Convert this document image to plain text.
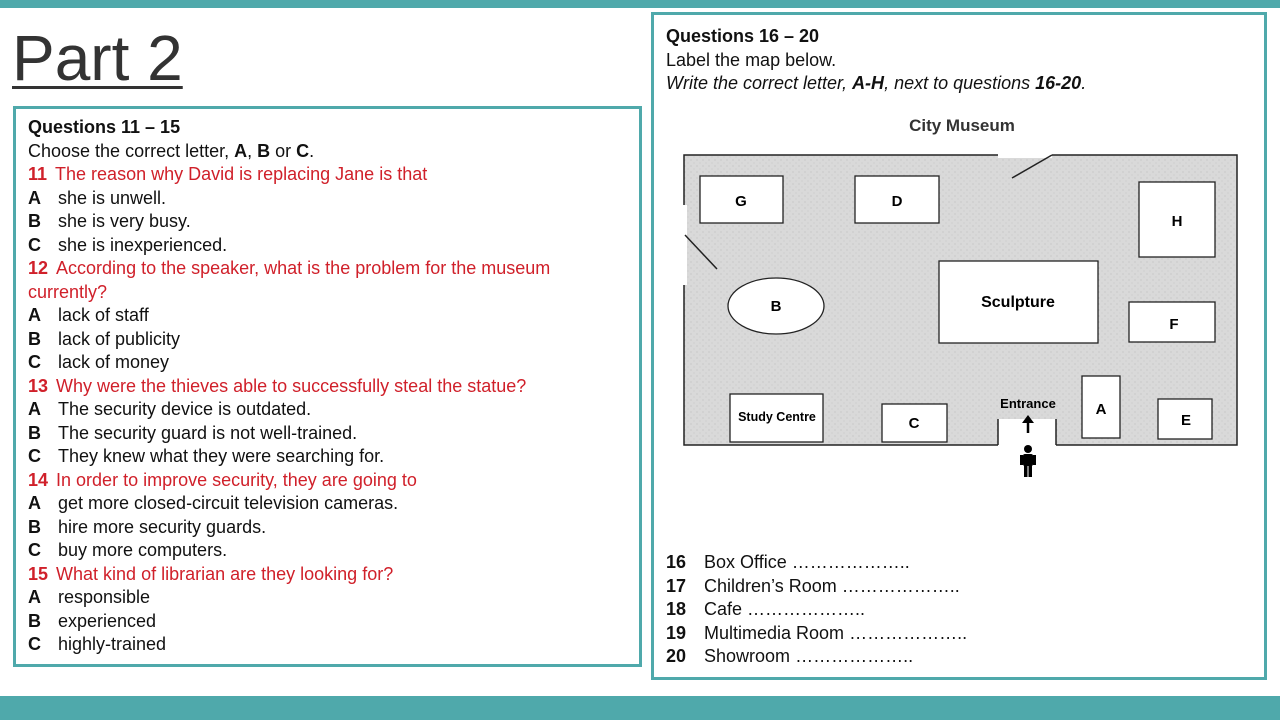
Part 2
Questions 11 – 15
Choose the correct letter, A, B or C.
11 The reason why David is replacing Jane is that
A she is unwell.
B she is very busy.
C she is inexperienced.
12 According to the speaker, what is the problem for the museum currently?
A lack of staff
B lack of publicity
C lack of money
13 Why were the thieves able to successfully steal the statue?
A The security device is outdated.
B The security guard is not well-trained.
C They knew what they were searching for.
14 In order to improve security, they are going to
A get more closed-circuit television cameras.
B hire more security guards.
C buy more computers.
15 What kind of librarian are they looking for?
A responsible
B experienced
C highly-trained
Questions 16 – 20
Label the map below.
Write the correct letter, A-H, next to questions 16-20.
City Museum
G	D
H
B	Sculpture
F
Study Centre	C
A
E
Entrance
16 Box Office ………………..
17 Children’s Room ………………..
18 Cafe ………………..
19 Multimedia Room ………………..
20 Showroom ………………..
